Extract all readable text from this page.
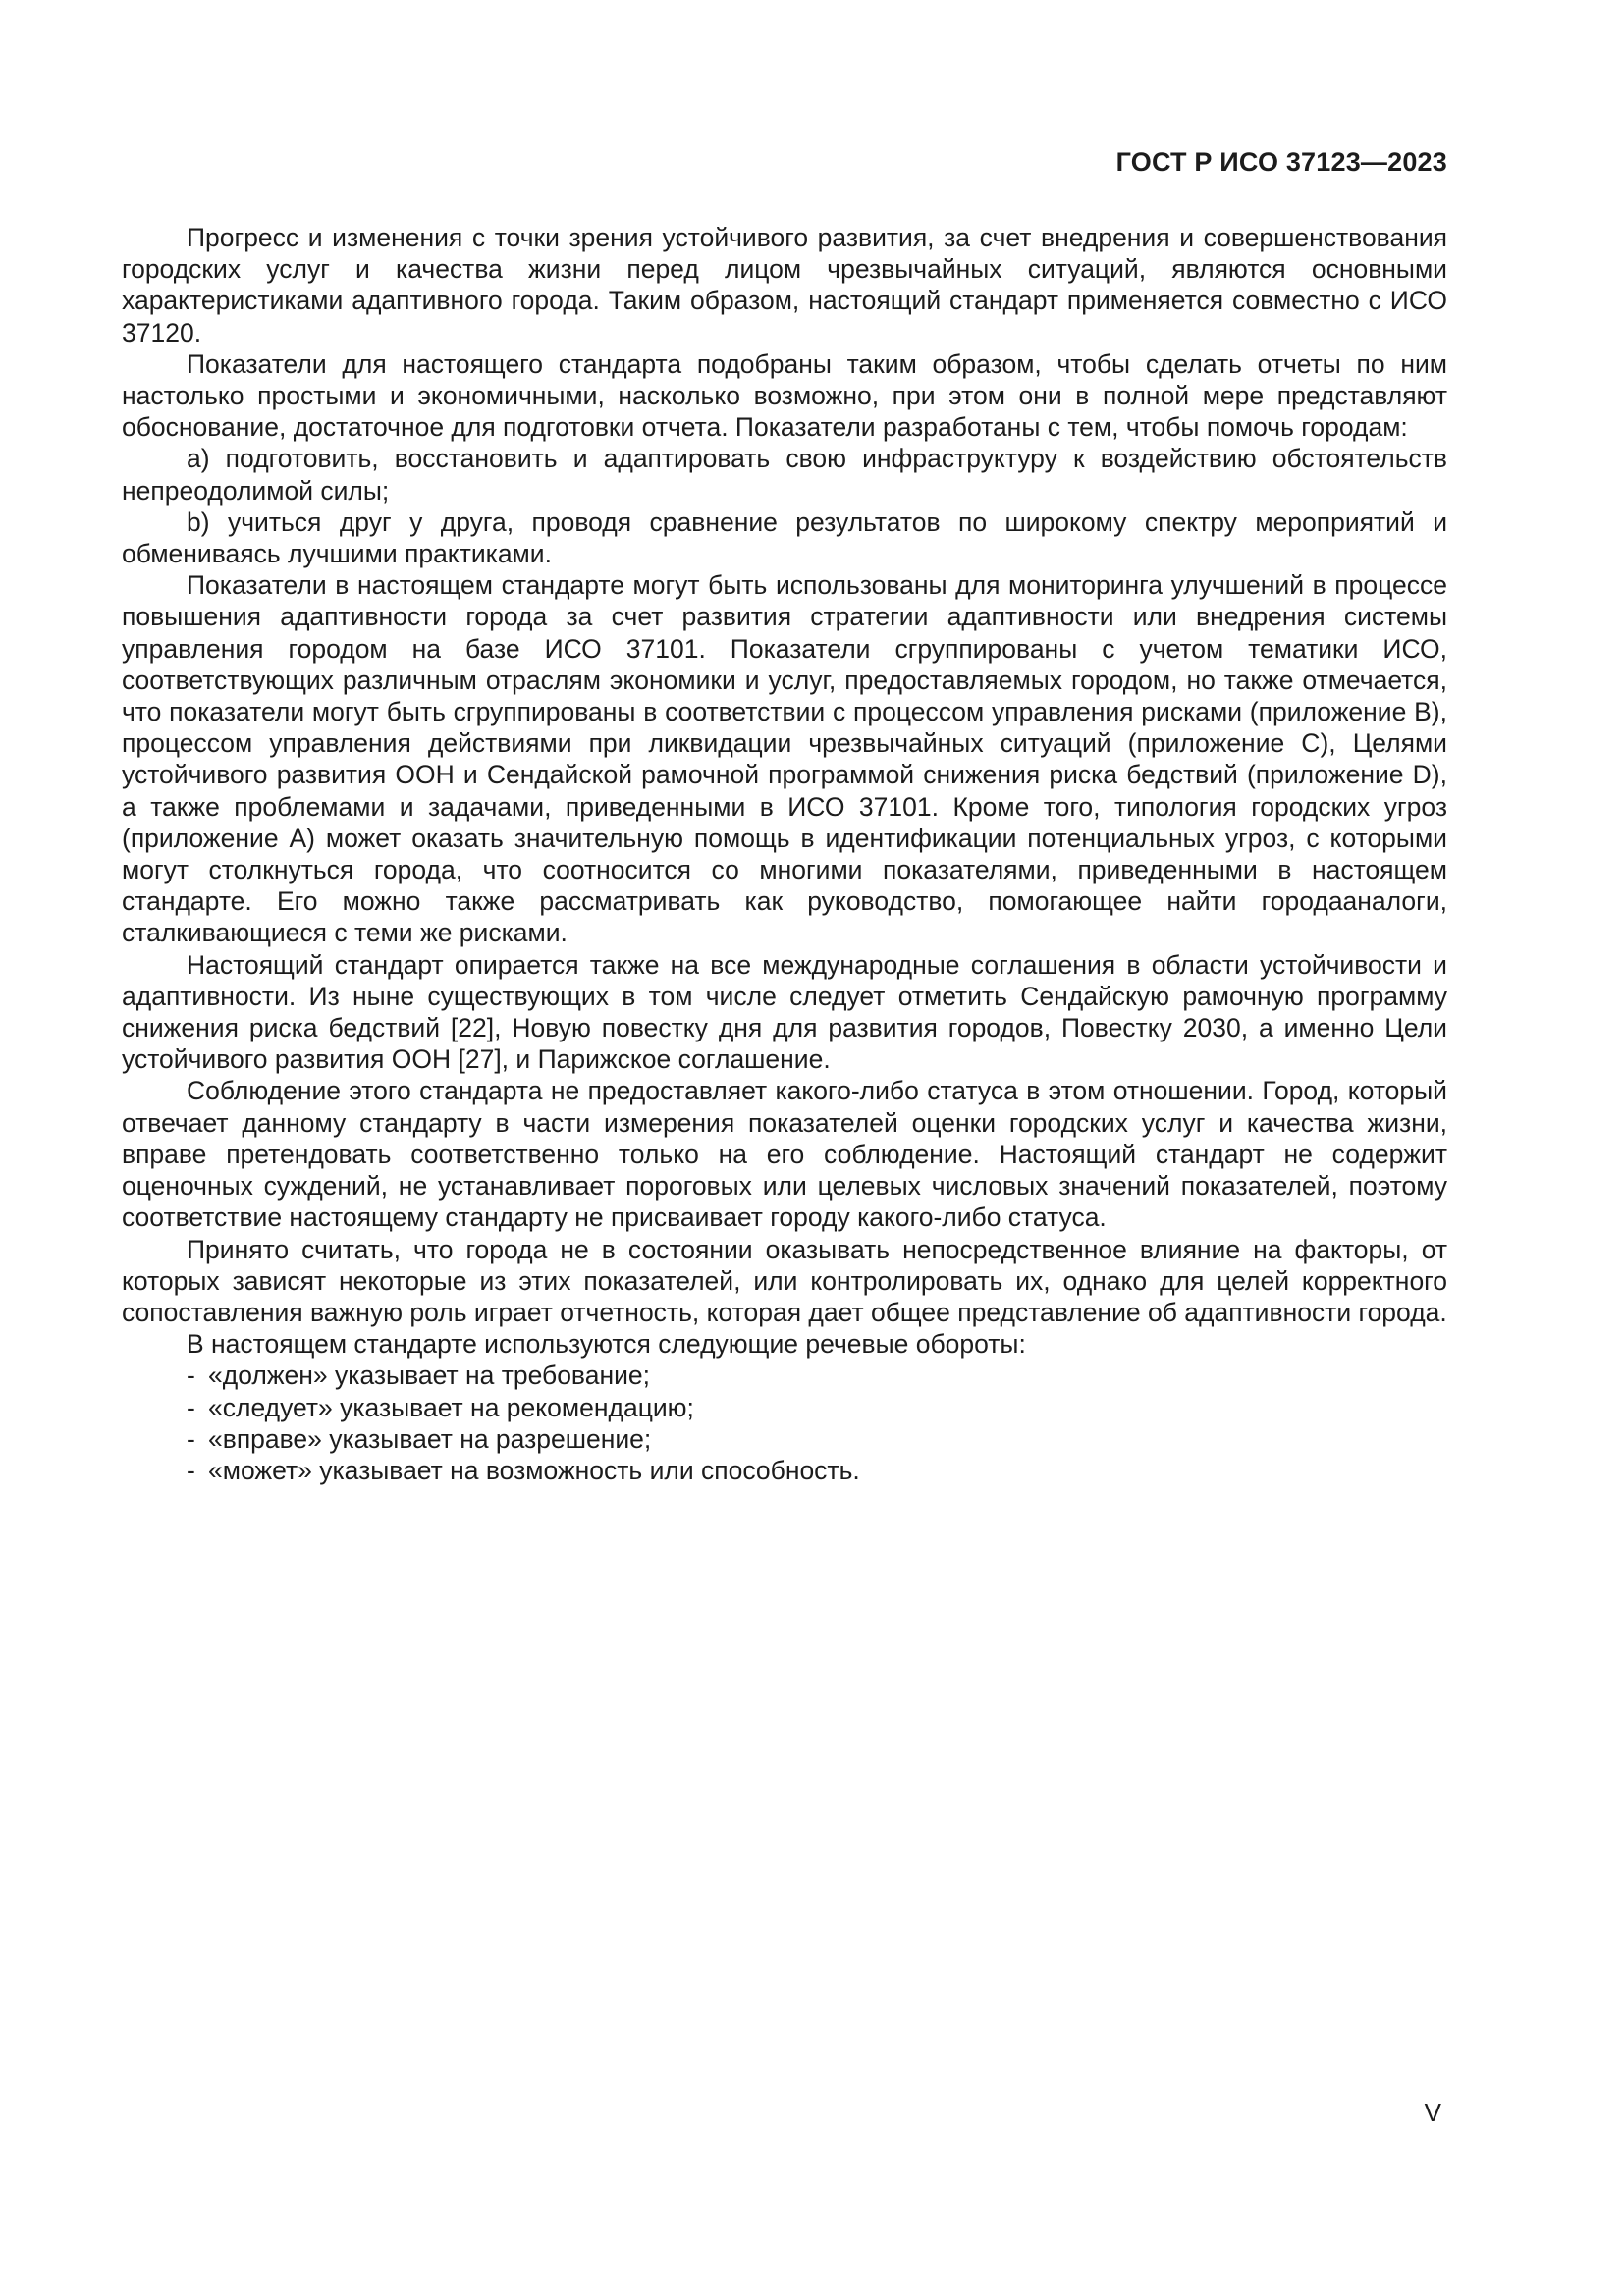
ГОСТ Р ИСО 37123—2023

Прогресс и изменения с точки зрения устойчивого развития, за счет внедрения и совершенствования городских услуг и качества жизни перед лицом чрезвычайных ситуаций, являются основными характеристиками адаптивного города. Таким образом, настоящий стандарт применяется совместно с ИСО 37120.

Показатели для настоящего стандарта подобраны таким образом, чтобы сделать отчеты по ним настолько простыми и экономичными, насколько возможно, при этом они в полной мере представляют обоснование, достаточное для подготовки отчета. Показатели разработаны с тем, чтобы помочь городам:

a) подготовить, восстановить и адаптировать свою инфраструктуру к воздействию обстоятельств непреодолимой силы;

b) учиться друг у друга, проводя сравнение результатов по широкому спектру мероприятий и обмениваясь лучшими практиками.

Показатели в настоящем стандарте могут быть использованы для мониторинга улучшений в процессе повышения адаптивности города за счет развития стратегии адаптивности или внедрения системы управления городом на базе ИСО 37101. Показатели сгруппированы с учетом тематики ИСО, соответствующих различным отраслям экономики и услуг, предоставляемых городом, но также отмечается, что показатели могут быть сгруппированы в соответствии с процессом управления рисками (приложение B), процессом управления действиями при ликвидации чрезвычайных ситуаций (приложение C), Целями устойчивого развития ООН и Сендайской рамочной программой снижения риска бедствий (приложение D), а также проблемами и задачами, приведенными в ИСО 37101. Кроме того, типология городских угроз (приложение A) может оказать значительную помощь в идентификации потенциальных угроз, с которыми могут столкнуться города, что соотносится со многими показателями, приведенными в настоящем стандарте. Его можно также рассматривать как руководство, помогающее найти городааналоги, сталкивающиеся с теми же рисками.

Настоящий стандарт опирается также на все международные соглашения в области устойчивости и адаптивности. Из ныне существующих в том числе следует отметить Сендайскую рамочную программу снижения риска бедствий [22], Новую повестку дня для развития городов, Повестку 2030, а именно Цели устойчивого развития ООН [27], и Парижское соглашение.

Соблюдение этого стандарта не предоставляет какого-либо статуса в этом отношении. Город, который отвечает данному стандарту в части измерения показателей оценки городских услуг и качества жизни, вправе претендовать соответственно только на его соблюдение. Настоящий стандарт не содержит оценочных суждений, не устанавливает пороговых или целевых числовых значений показателей, поэтому соответствие настоящему стандарту не присваивает городу какого-либо статуса.

Принято считать, что города не в состоянии оказывать непосредственное влияние на факторы, от которых зависят некоторые из этих показателей, или контролировать их, однако для целей корректного сопоставления важную роль играет отчетность, которая дает общее представление об адаптивности города.

В настоящем стандарте используются следующие речевые обороты:

- «должен» указывает на требование;
- «следует» указывает на рекомендацию;
- «вправе» указывает на разрешение;
- «может» указывает на возможность или способность.
V
